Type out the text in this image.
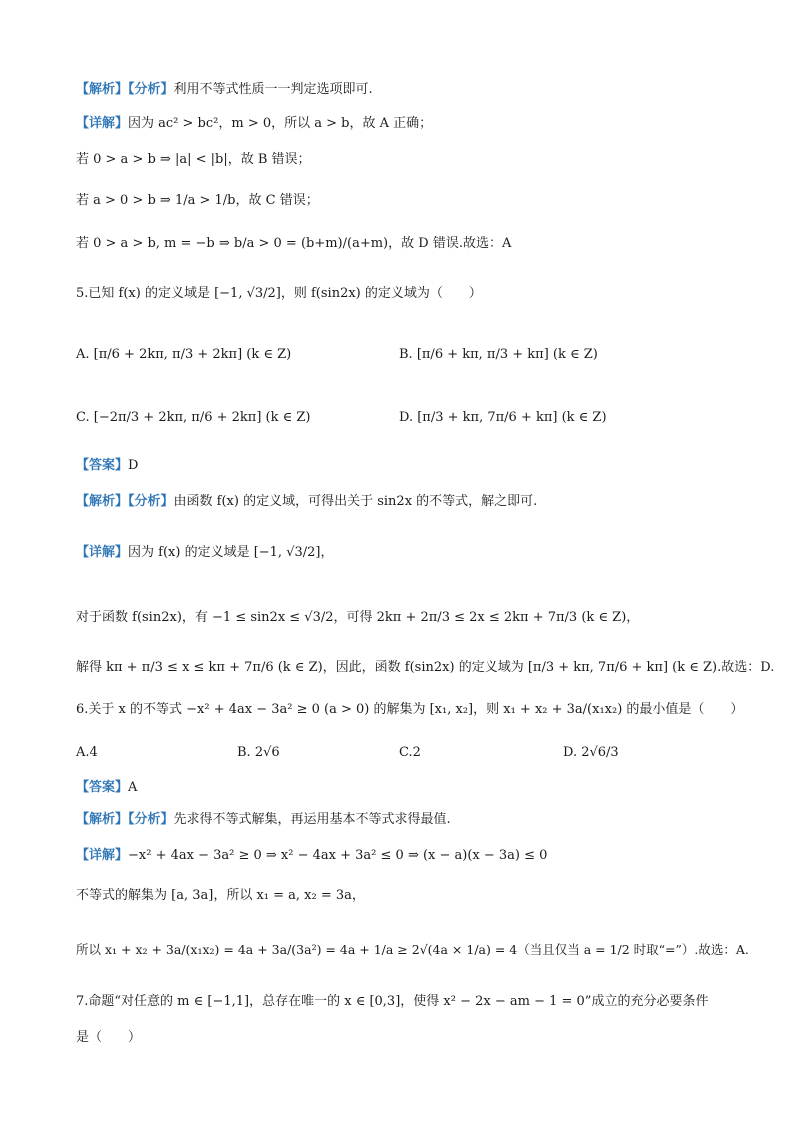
【解析】【分析】利用不等式性质一一判定选项即可.
【详解】因为 ac² > bc²，m > 0，所以 a > b，故 A 正确；
若 0 > a > b ⇒ |a| < |b|，故 B 错误；
若 a > 0 > b ⇒ 1/a > 1/b，故 C 错误；
若 0 > a > b, m = −b ⇒ b/a > 0 = (b+m)/(a+m)，故 D 错误.故选：A
5.已知 f(x) 的定义域是 [−1, √3/2]，则 f(sin2x) 的定义域为（　　）
A. [π/6 + 2kπ, π/3 + 2kπ] (k ∈ Z)	B. [π/6 + kπ, π/3 + kπ] (k ∈ Z)
C. [−2π/3 + 2kπ, π/6 + 2kπ] (k ∈ Z)	D. [π/3 + kπ, 7π/6 + kπ] (k ∈ Z)
【答案】D
【解析】【分析】由函数 f(x) 的定义域，可得出关于 sin2x 的不等式，解之即可.
【详解】因为 f(x) 的定义域是 [−1, √3/2]，
对于函数 f(sin2x)，有 −1 ≤ sin2x ≤ √3/2，可得 2kπ + 2π/3 ≤ 2x ≤ 2kπ + 7π/3 (k ∈ Z)，
解得 kπ + π/3 ≤ x ≤ kπ + 7π/6 (k ∈ Z)，因此，函数 f(sin2x) 的定义域为 [π/3 + kπ, 7π/6 + kπ] (k ∈ Z).故选：D.
6.关于 x 的不等式 −x² + 4ax − 3a² ≥ 0 (a > 0) 的解集为 [x₁, x₂]，则 x₁ + x₂ + 3a/(x₁x₂) 的最小值是（　　）
A.4	B. 2√6	C.2	D. 2√6/3
【答案】A
【解析】【分析】先求得不等式解集，再运用基本不等式求得最值.
【详解】−x² + 4ax − 3a² ≥ 0 ⇒ x² − 4ax + 3a² ≤ 0 ⇒ (x − a)(x − 3a) ≤ 0
不等式的解集为 [a, 3a]，所以 x₁ = a, x₂ = 3a，
所以 x₁ + x₂ + 3a/(x₁x₂) = 4a + 3a/(3a²) = 4a + 1/a ≥ 2√(4a × 1/a) = 4（当且仅当 a = 1/2 时取“=”）.故选：A.
7.命题“对任意的 m ∈ [−1,1]，总存在唯一的 x ∈ [0,3]，使得 x² − 2x − am − 1 = 0”成立的充分必要条件
是（　　）
